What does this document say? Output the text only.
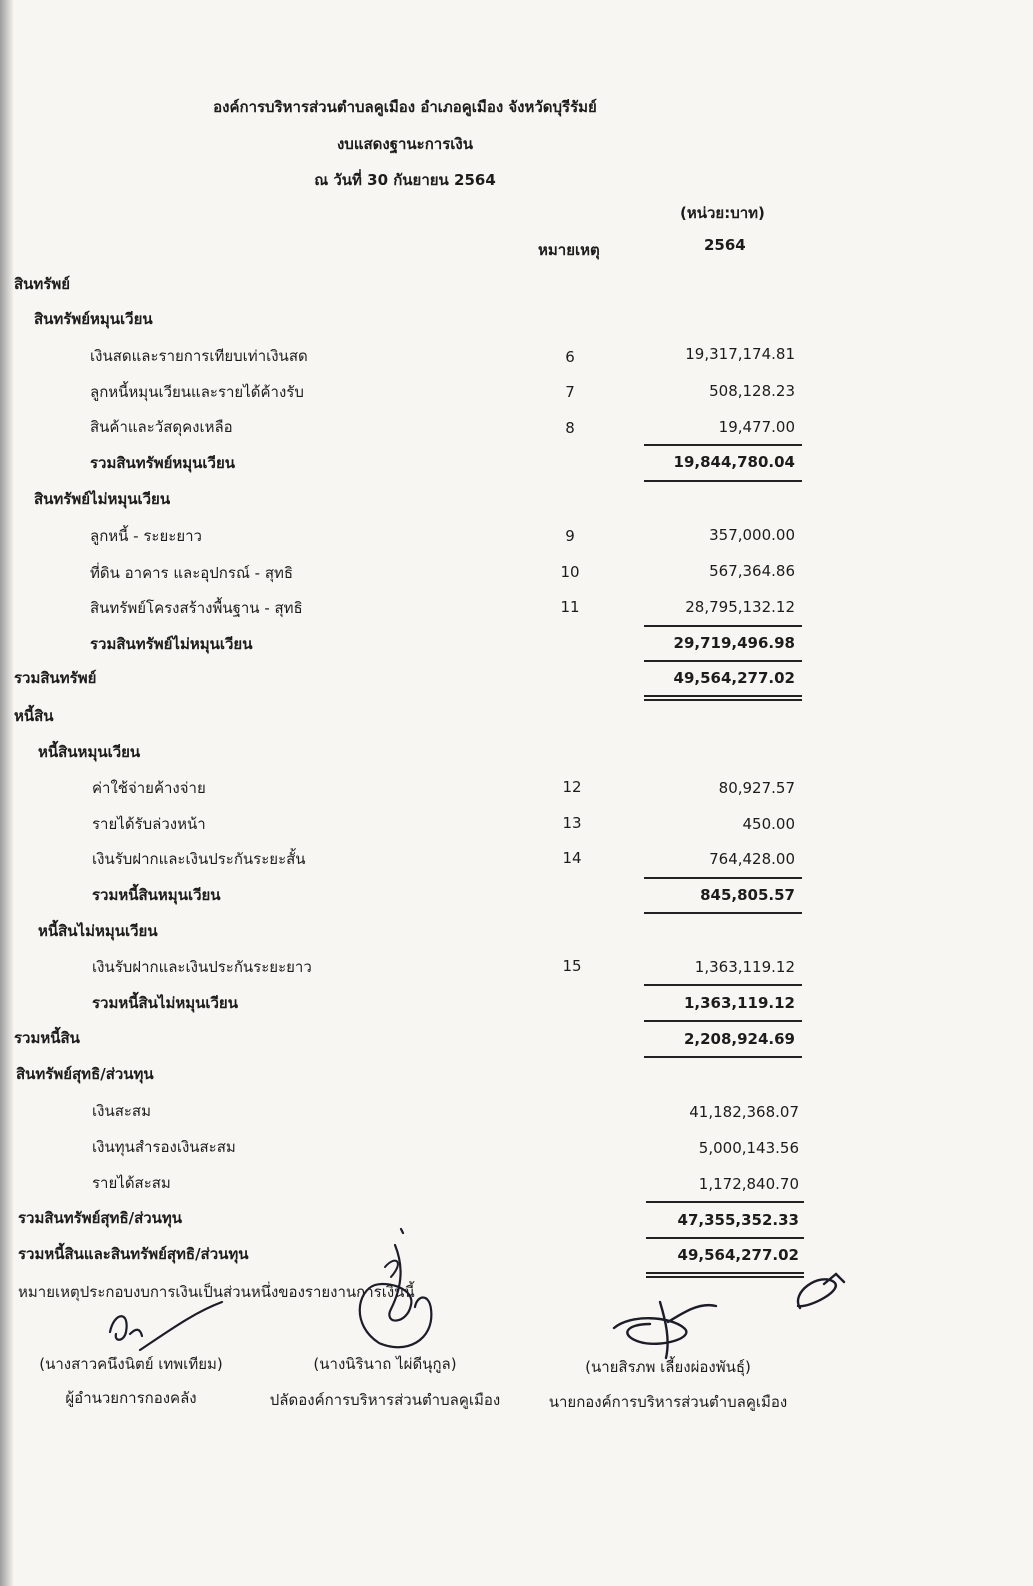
องค์การบริหารส่วนตำบลคูเมือง อำเภอคูเมือง จังหวัดบุรีรัมย์
งบแสดงฐานะการเงิน
ณ วันที่ 30 กันยายน 2564
(หน่วย:บาท)
หมายเหตุ	2564
สินทรัพย์
สินทรัพย์หมุนเวียน
เงินสดและรายการเทียบเท่าเงินสด	6	19,317,174.81
ลูกหนี้หมุนเวียนและรายได้ค้างรับ	7	508,128.23
สินค้าและวัสดุคงเหลือ	8	19,477.00
รวมสินทรัพย์หมุนเวียน	19,844,780.04
สินทรัพย์ไม่หมุนเวียน
ลูกหนี้ - ระยะยาว	9	357,000.00
ที่ดิน อาคาร และอุปกรณ์ - สุทธิ	10	567,364.86
สินทรัพย์โครงสร้างพื้นฐาน - สุทธิ	11	28,795,132.12
รวมสินทรัพย์ไม่หมุนเวียน	29,719,496.98
รวมสินทรัพย์	49,564,277.02
หนี้สิน
หนี้สินหมุนเวียน
ค่าใช้จ่ายค้างจ่าย	12	80,927.57
รายได้รับล่วงหน้า	13	450.00
เงินรับฝากและเงินประกันระยะสั้น	14	764,428.00
รวมหนี้สินหมุนเวียน	845,805.57
หนี้สินไม่หมุนเวียน
เงินรับฝากและเงินประกันระยะยาว	15	1,363,119.12
รวมหนี้สินไม่หมุนเวียน	1,363,119.12
รวมหนี้สิน	2,208,924.69
สินทรัพย์สุทธิ/ส่วนทุน
เงินสะสม	41,182,368.07
เงินทุนสำรองเงินสะสม	5,000,143.56
รายได้สะสม	1,172,840.70
รวมสินทรัพย์สุทธิ/ส่วนทุน	47,355,352.33
รวมหนี้สินและสินทรัพย์สุทธิ/ส่วนทุน	49,564,277.02
หมายเหตุประกอบงบการเงินเป็นส่วนหนึ่งของรายงานการเงินนี้
(นางสาวคนึงนิตย์ เทพเทียม)
ผู้อำนวยการกองคลัง
(นางนิรินาถ ไผ่ดีนุกูล)
ปลัดองค์การบริหารส่วนตำบลคูเมือง
(นายสิรภพ เลี้ยงผ่องพันธุ์)
นายกองค์การบริหารส่วนตำบลคูเมือง
